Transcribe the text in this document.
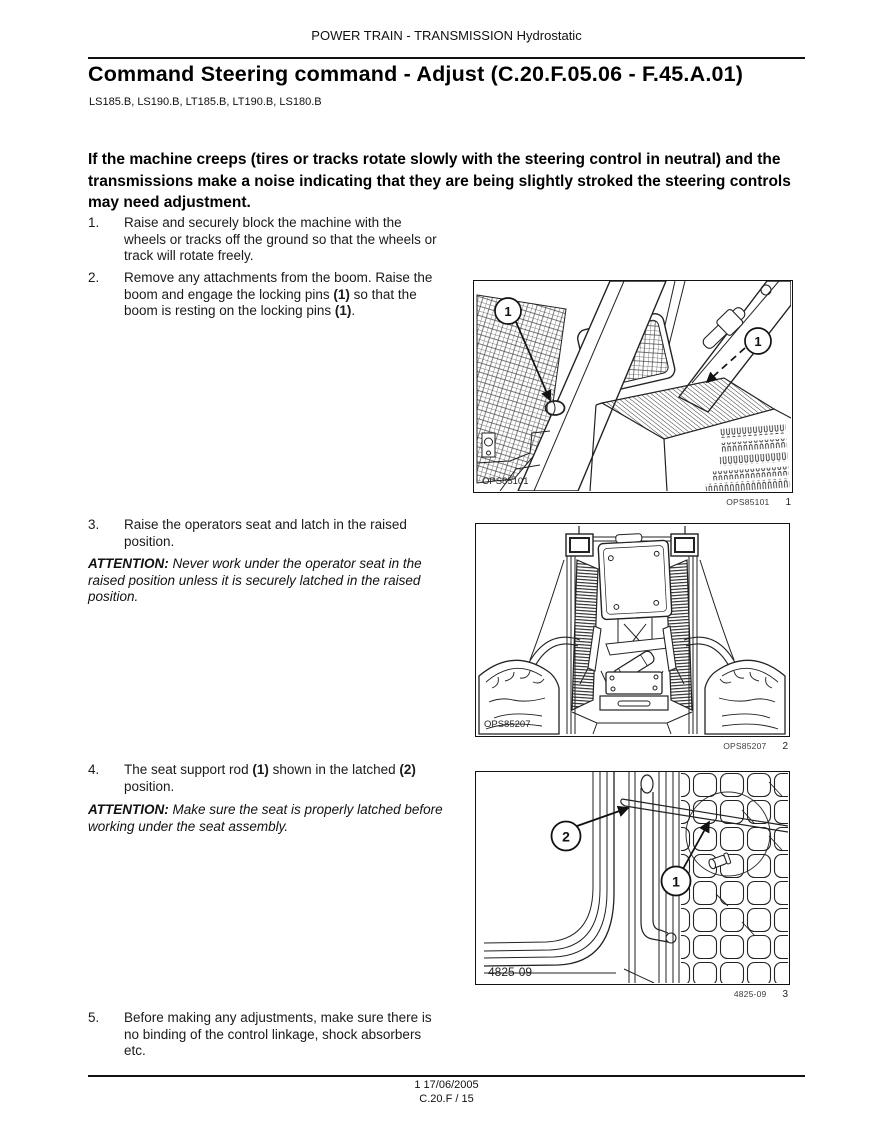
POWER TRAIN - TRANSMISSION Hydrostatic
Command Steering command - Adjust (C.20.F.05.06 - F.45.A.01)
LS185.B, LS190.B, LT185.B, LT190.B, LS180.B

If the machine creeps (tires or tracks rotate slowly with the steering control in neutral) and the transmissions make a noise indicating that they are being slightly stroked the steering controls may need adjustment.

1.	Raise and securely block the machine with the wheels or tracks off the ground so that the wheels or track will rotate freely.
2.	Remove any attachments from the boom. Raise the boom and engage the locking pins (1) so that the boom is resting on the locking pins (1).
3.	Raise the operators seat and latch in the raised position.
4.	The seat support rod (1) shown in the latched (2) position.
5.	Before making any adjustments, make sure there is no binding of the control linkage, shock absorbers etc.

ATTENTION: Never work under the operator seat in the raised position unless it is securely latched in the raised position.

ATTENTION: Make sure the seat is properly latched before working under the seat assembly.

1
1
OPS85101
OPS85101 1
OPS85207
OPS85207 2
2
1
4825-09
4825-09 3
1 17/06/2005
C.20.F / 15
